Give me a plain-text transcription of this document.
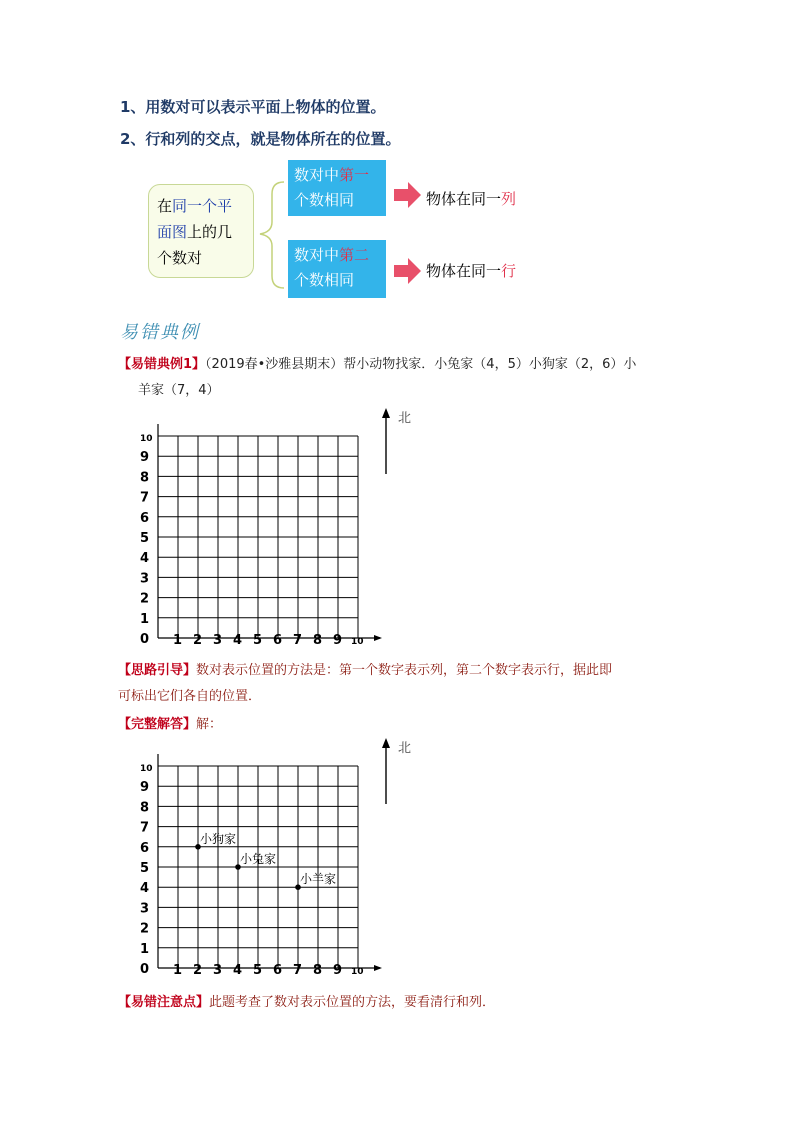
1、用数对可以表示平面上物体的位置。
2、行和列的交点，就是物体所在的位置。
在同一个平面图上的几个数对
数对中第一个数相同
数对中第二个数相同
物体在同一列
物体在同一行
易错典例
【易错典例1】（2019春•沙雅县期末）帮小动物找家．小兔家（4，5）小狗家（2，6）小
羊家（7，4）
0 1 2 3 4 5 6 7 8 9 10
1
2
3
4
5
6
7
8
9
10
北
【思路引导】数对表示位置的方法是：第一个数字表示列，第二个数字表示行，据此即
可标出它们各自的位置．
【完整解答】解：
0 1 2 3 4 5 6 7 8 9 10
1
2
3
4
5
6
7
8
9
10
北
小狗家
小兔家
小羊家
【易错注意点】此题考查了数对表示位置的方法，要看清行和列．
